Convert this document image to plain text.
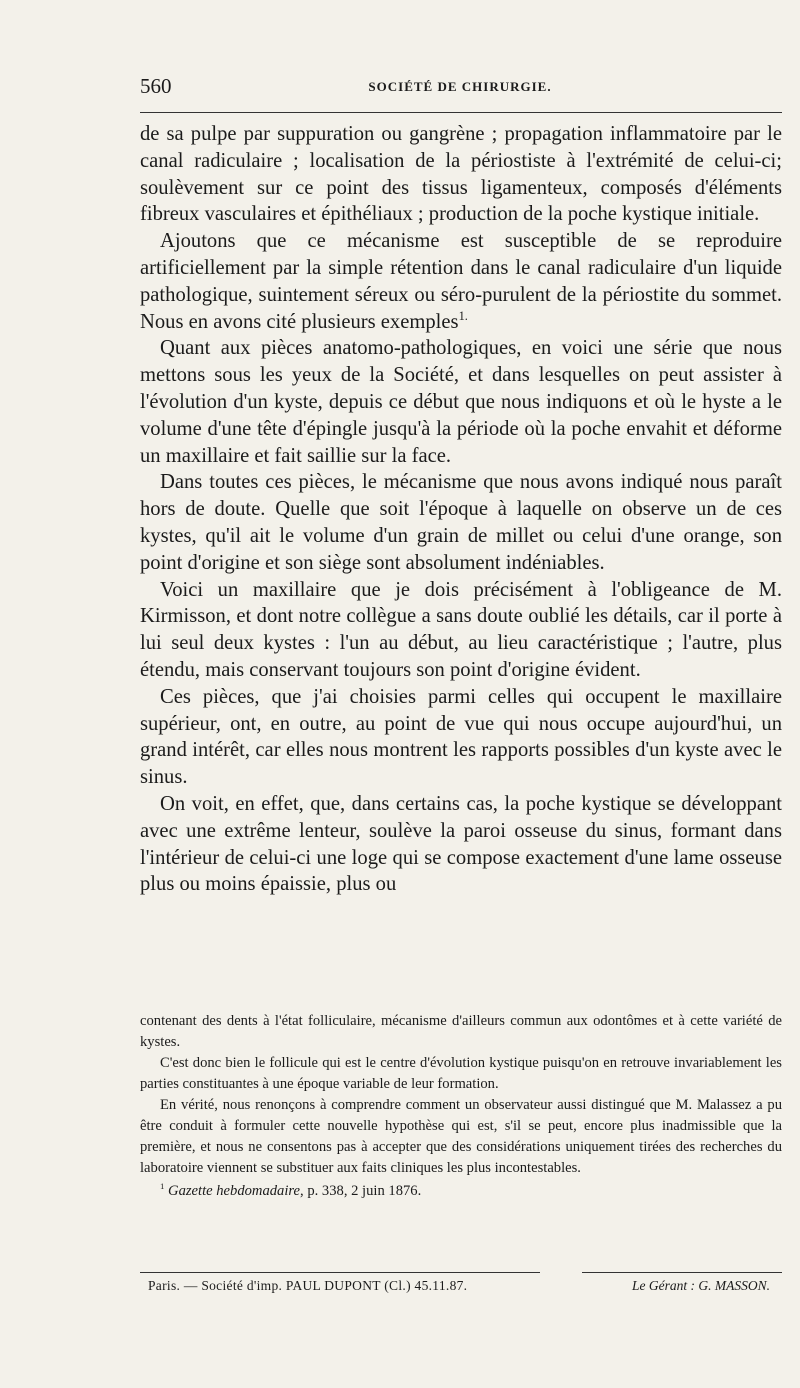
560	SOCIÉTÉ DE CHIRURGIE.

de sa pulpe par suppuration ou gangrène ; propagation inflammatoire par le canal radiculaire ; localisation de la périostiste à l'extrémité de celui-ci; soulèvement sur ce point des tissus ligamenteux, composés d'éléments fibreux vasculaires et épithéliaux ; production de la poche kystique initiale.

Ajoutons que ce mécanisme est susceptible de se reproduire artificiellement par la simple rétention dans le canal radiculaire d'un liquide pathologique, suintement séreux ou séro-purulent de la périostite du sommet. Nous en avons cité plusieurs exemples$^{1.}$

Quant aux pièces anatomo-pathologiques, en voici une série que nous mettons sous les yeux de la Société, et dans lesquelles on peut assister à l'évolution d'un kyste, depuis ce début que nous indiquons et où le hyste a le volume d'une tête d'épingle jusqu'à la période où la poche envahit et déforme un maxillaire et fait saillie sur la face.

Dans toutes ces pièces, le mécanisme que nous avons indiqué nous paraît hors de doute. Quelle que soit l'époque à laquelle on observe un de ces kystes, qu'il ait le volume d'un grain de millet ou celui d'une orange, son point d'origine et son siège sont absolument indéniables.

Voici un maxillaire que je dois précisément à l'obligeance de M. Kirmisson, et dont notre collègue a sans doute oublié les détails, car il porte à lui seul deux kystes : l'un au début, au lieu caractéristique ; l'autre, plus étendu, mais conservant toujours son point d'origine évident.

Ces pièces, que j'ai choisies parmi celles qui occupent le maxillaire supérieur, ont, en outre, au point de vue qui nous occupe aujourd'hui, un grand intérêt, car elles nous montrent les rapports possibles d'un kyste avec le sinus.

On voit, en effet, que, dans certains cas, la poche kystique se développant avec une extrême lenteur, soulève la paroi osseuse du sinus, formant dans l'intérieur de celui-ci une loge qui se compose exactement d'une lame osseuse plus ou moins épaissie, plus ou

contenant des dents à l'état folliculaire, mécanisme d'ailleurs commun aux odontômes et à cette variété de kystes.

C'est donc bien le follicule qui est le centre d'évolution kystique puisqu'on en retrouve invariablement les parties constituantes à une époque variable de leur formation.

En vérité, nous renonçons à comprendre comment un observateur aussi distingué que M. Malassez a pu être conduit à formuler cette nouvelle hypothèse qui est, s'il se peut, encore plus inadmissible que la première, et nous ne consentons pas à accepter que des considérations uniquement tirées des recherches du laboratoire viennent se substituer aux faits cliniques les plus incontestables.

$^1$ Gazette hebdomadaire, p. 338, 2 juin 1876.

Paris. — Société d'imp. PAUL DUPONT (Cl.) 45.11.87.	Le Gérant : G. MASSON.
